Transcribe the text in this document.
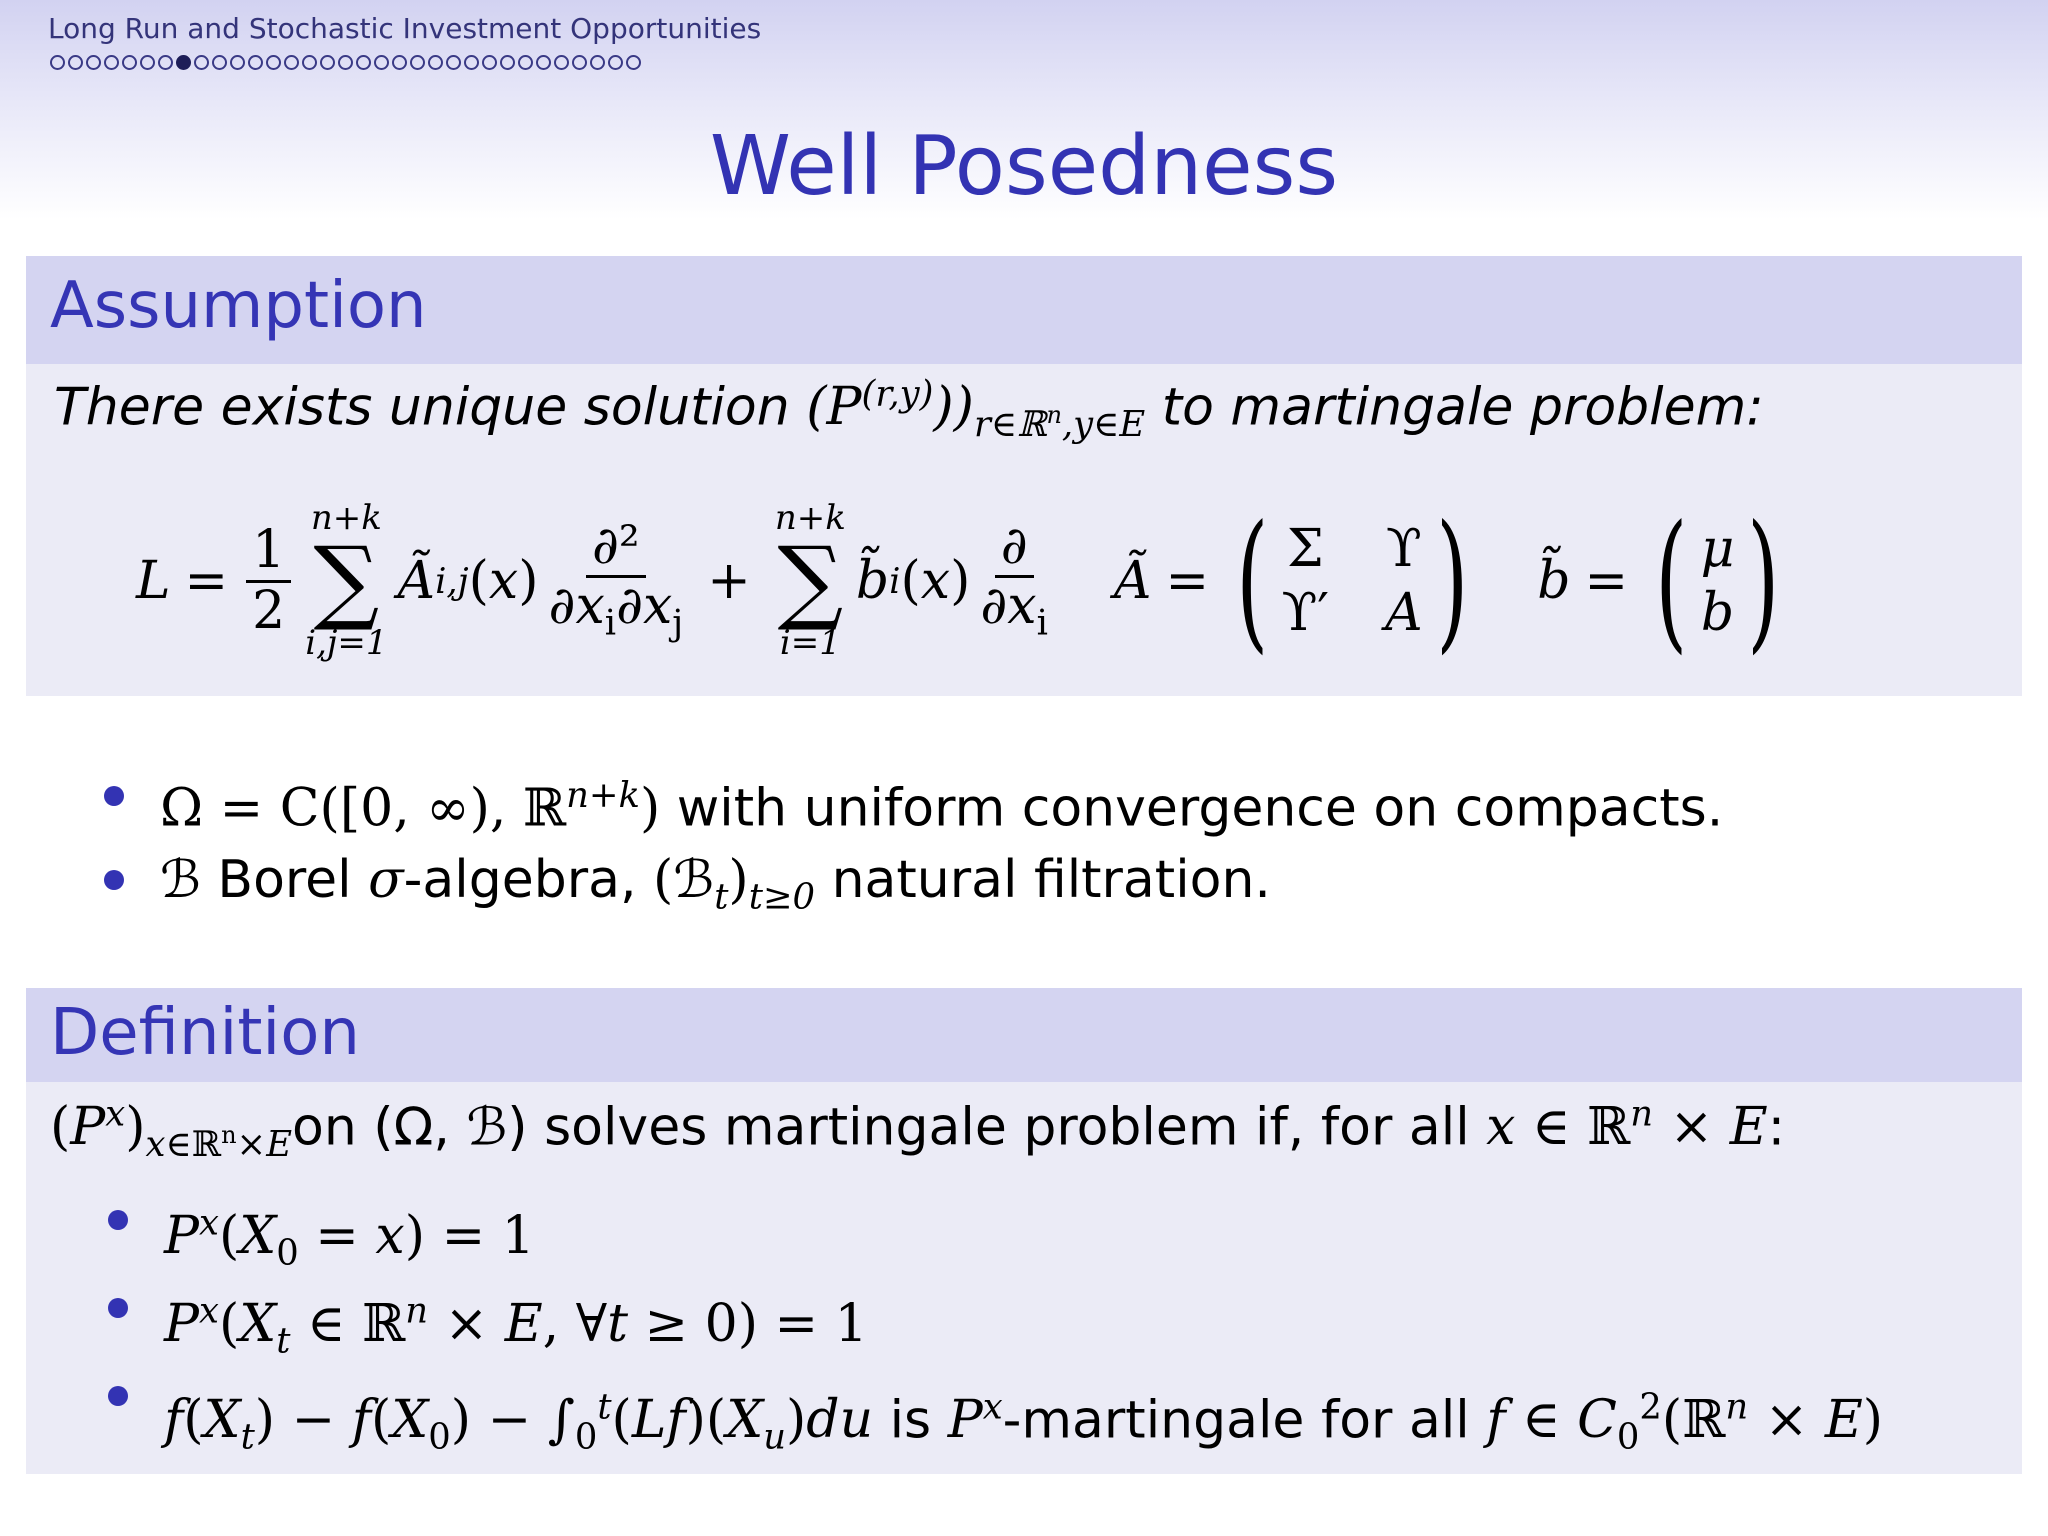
Long Run and Stochastic Investment Opportunities
Well Posedness
Assumption
There exists unique solution $(P^{(r,y)}))_{r\in ℝ^n,y\in E}$ to martingale problem:
$L = \frac{1}{2}$
n+k
∑
i,j=1
Ã i,j ( x ) $\frac{\text{∂²}}{\partial x_i\partial x_j}$ +
n+k
∑
i=1
b̃ i ( x ) $\frac{\partial}{\partial x_i}$ Ã = ( Σ ϒ
ϒ′ A ) b̃ = ( μ
b )
Ω = C([0, ∞), ℝ$^{n+k}$) with uniform convergence on compacts.
ℬ Borel σ-algebra, $(ℬ_t)_{t\ge 0}$ natural filtration.
Definition
$(P^x)_{x\in ℝ^n\times E}on$ (Ω, ℬ) solves martingale problem if, for all x ∈ ℝ$^n$ × E:
$P^x(X_0 = x) = 1$
$P^x(X_t$ ∈ ℝ$^n$ × E, ∀t ≥ 0) = 1
$f(X_t) - f(X_0) - \int_0^t(Lf)(X_u)du$ is $P^x$-martingale for all f ∈ $C_0^2(ℝ^n \times E)$
